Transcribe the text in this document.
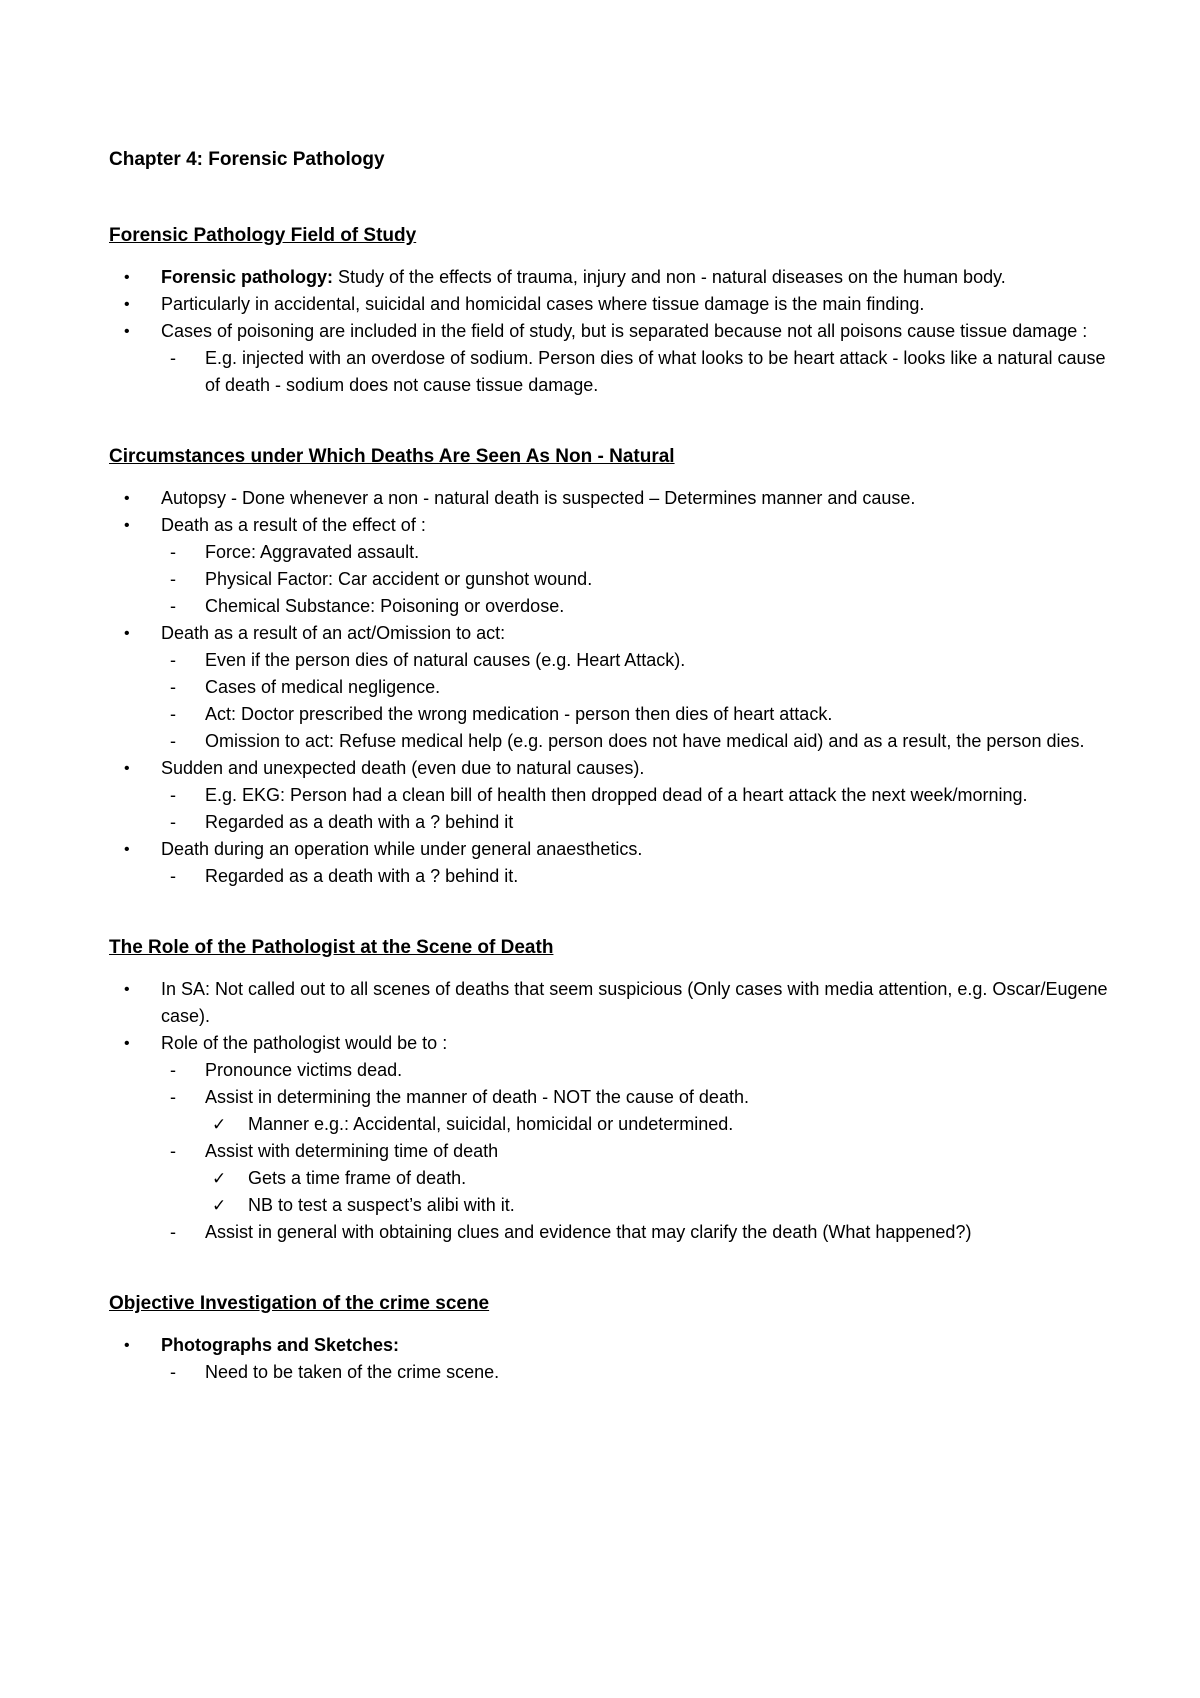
Chapter 4: Forensic Pathology
Forensic Pathology Field of Study
• Forensic pathology: Study of the effects of trauma, injury and non - natural diseases on the human body.
• Particularly in accidental, suicidal and homicidal cases where tissue damage is the main finding.
• Cases of poisoning are included in the field of study, but is separated because not all poisons cause tissue damage :
- E.g. injected with an overdose of sodium. Person dies of what looks to be heart attack - looks like a natural cause of death - sodium does not cause tissue damage.
Circumstances under Which Deaths Are Seen As Non - Natural
• Autopsy - Done whenever a non - natural death is suspected – Determines manner and cause.
• Death as a result of the effect of :
- Force: Aggravated assault.
- Physical Factor: Car accident or gunshot wound.
- Chemical Substance: Poisoning or overdose.
• Death as a result of an act/Omission to act:
- Even if the person dies of natural causes (e.g. Heart Attack).
- Cases of medical negligence.
- Act: Doctor prescribed the wrong medication - person then dies of heart attack.
- Omission to act: Refuse medical help (e.g. person does not have medical aid) and as a result, the person dies.
• Sudden and unexpected death (even due to natural causes).
- E.g. EKG: Person had a clean bill of health then dropped dead of a heart attack the next week/morning.
- Regarded as a death with a ? behind it
• Death during an operation while under general anaesthetics.
- Regarded as a death with a ? behind it.
The Role of the Pathologist at the Scene of Death
• In SA: Not called out to all scenes of deaths that seem suspicious (Only cases with media attention, e.g. Oscar/Eugene case).
• Role of the pathologist would be to :
- Pronounce victims dead.
- Assist in determining the manner of death - NOT the cause of death.
✓ Manner e.g.: Accidental, suicidal, homicidal or undetermined.
- Assist with determining time of death
✓ Gets a time frame of death.
✓ NB to test a suspect’s alibi with it.
- Assist in general with obtaining clues and evidence that may clarify the death (What happened?)
Objective Investigation of the crime scene
• Photographs and Sketches:
- Need to be taken of the crime scene.
